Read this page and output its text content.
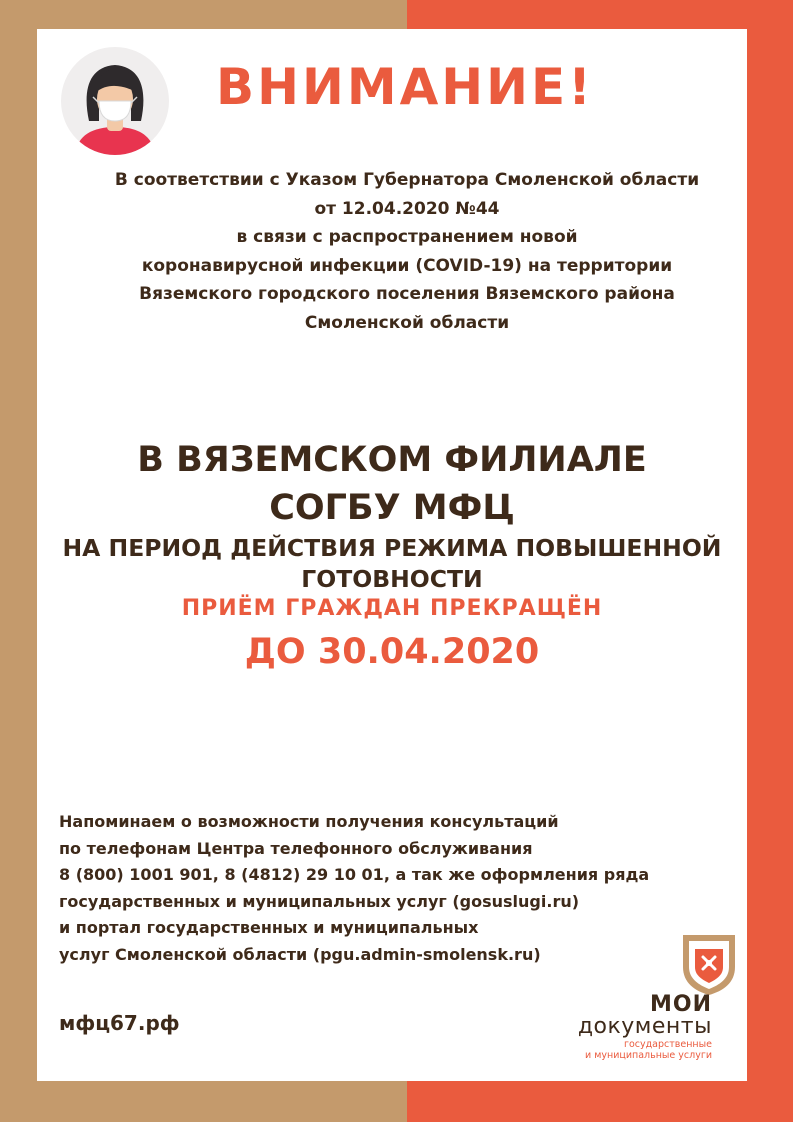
ВНИМАНИЕ!
В соответствии с Указом Губернатора Смоленской области
от 12.04.2020 №44
в связи с распространением новой
коронавирусной инфекции (COVID-19) на территории
Вяземского городского поселения Вяземского района
Смоленской области
В ВЯЗЕМСКОМ ФИЛИАЛЕ
СОГБУ МФЦ
НА ПЕРИОД ДЕЙСТВИЯ РЕЖИМА ПОВЫШЕННОЙ
ГОТОВНОСТИ
ПРИЁМ ГРАЖДАН ПРЕКРАЩЁН
ДО 30.04.2020
Напоминаем о возможности получения консультаций
по телефонам Центра телефонного обслуживания
8 (800) 1001 901, 8 (4812) 29 10 01, а так же оформления ряда
государственных и муниципальных услуг (gosuslugi.ru)
и портал государственных и муниципальных
услуг Смоленской области (pgu.admin-smolensk.ru)
мфц67.рф
МОИ
документы
государственные
и муниципальные услуги
